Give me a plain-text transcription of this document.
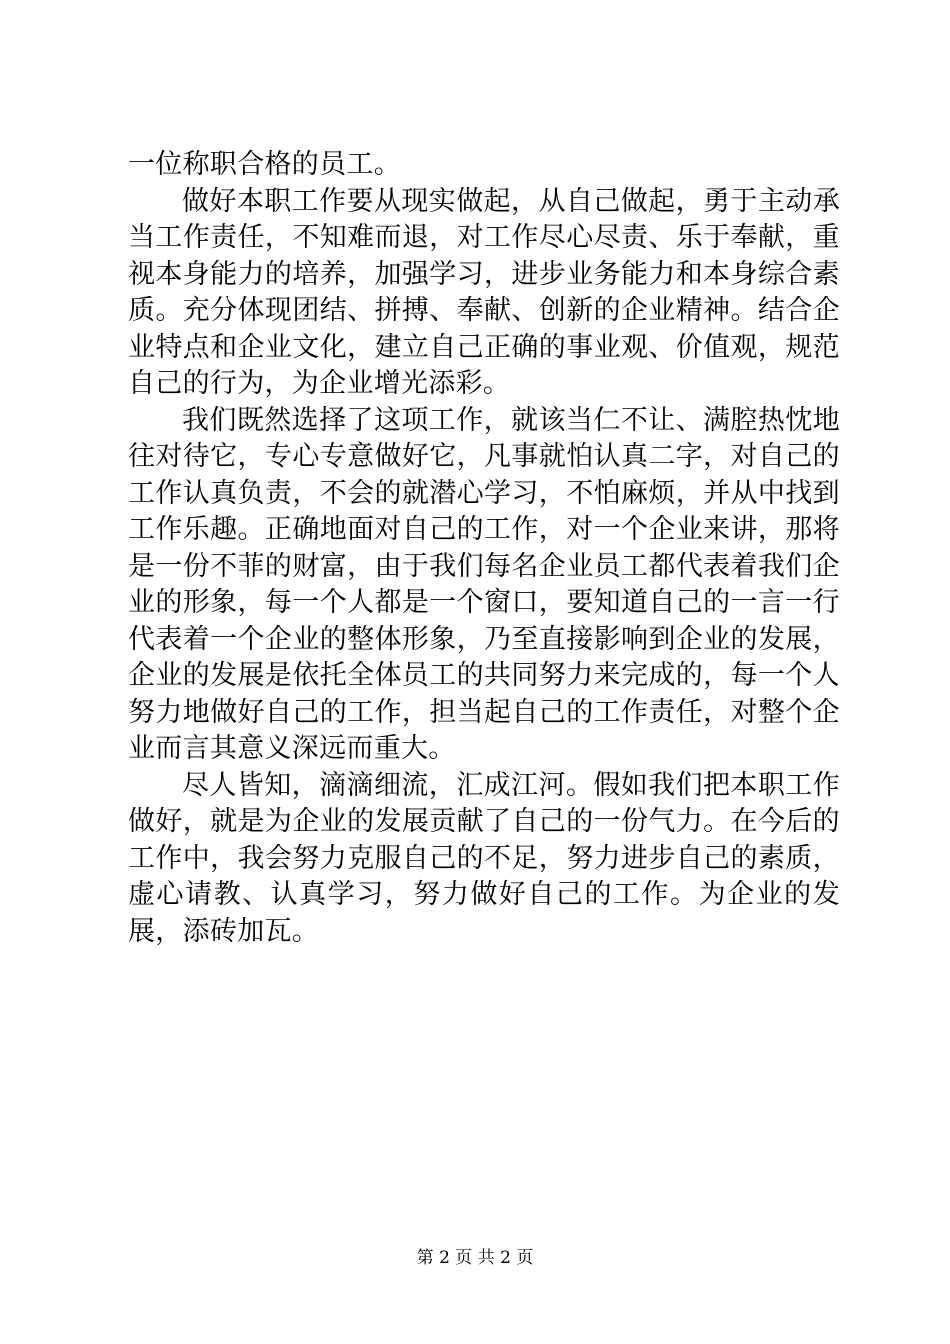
一位称职合格的员工。

做好本职工作要从现实做起，从自己做起，勇于主动承当工作责任，不知难而退，对工作尽心尽责、乐于奉献，重视本身能力的培养，加强学习，进步业务能力和本身综合素质。充分体现团结、拼搏、奉献、创新的企业精神。结合企业特点和企业文化，建立自己正确的事业观、价值观，规范自己的行为，为企业增光添彩。

我们既然选择了这项工作，就该当仁不让、满腔热忱地往对待它，专心专意做好它，凡事就怕认真二字，对自己的工作认真负责，不会的就潜心学习，不怕麻烦，并从中找到工作乐趣。正确地面对自己的工作，对一个企业来讲，那将是一份不菲的财富，由于我们每名企业员工都代表着我们企业的形象，每一个人都是一个窗口，要知道自己的一言一行代表着一个企业的整体形象，乃至直接影响到企业的发展，企业的发展是依托全体员工的共同努力来完成的，每一个人努力地做好自己的工作，担当起自己的工作责任，对整个企业而言其意义深远而重大。

尽人皆知，滴滴细流，汇成江河。假如我们把本职工作做好，就是为企业的发展贡献了自己的一份气力。在今后的工作中，我会努力克服自己的不足，努力进步自己的素质，虚心请教、认真学习，努力做好自己的工作。为企业的发展，添砖加瓦。

第 2 页 共 2 页
